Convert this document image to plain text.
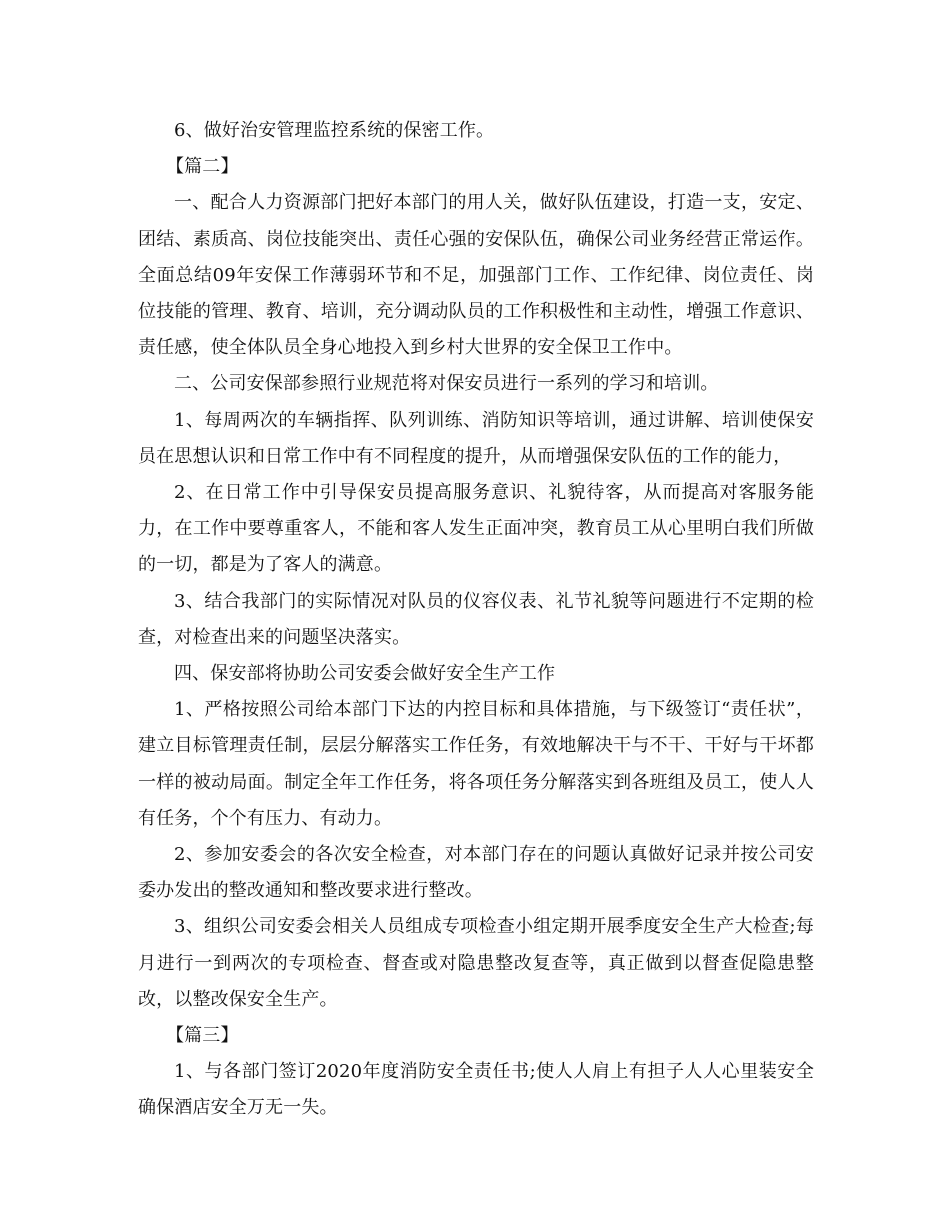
6、做好治安管理监控系统的保密工作。

【篇二】

一、配合人力资源部门把好本部门的用人关，做好队伍建设，打造一支，安定、团结、素质高、岗位技能突出、责任心强的安保队伍，确保公司业务经营正常运作。全面总结09年安保工作薄弱环节和不足，加强部门工作、工作纪律、岗位责任、岗位技能的管理、教育、培训，充分调动队员的工作积极性和主动性，增强工作意识、责任感，使全体队员全身心地投入到乡村大世界的安全保卫工作中。

二、公司安保部参照行业规范将对保安员进行一系列的学习和培训。

1、每周两次的车辆指挥、队列训练、消防知识等培训，通过讲解、培训使保安员在思想认识和日常工作中有不同程度的提升，从而增强保安队伍的工作的能力，

2、在日常工作中引导保安员提高服务意识、礼貌待客，从而提高对客服务能力，在工作中要尊重客人，不能和客人发生正面冲突，教育员工从心里明白我们所做的一切，都是为了客人的满意。

3、结合我部门的实际情况对队员的仪容仪表、礼节礼貌等问题进行不定期的检查，对检查出来的问题坚决落实。

四、保安部将协助公司安委会做好安全生产工作

1、严格按照公司给本部门下达的内控目标和具体措施，与下级签订“责任状”，建立目标管理责任制，层层分解落实工作任务，有效地解决干与不干、干好与干坏都一样的被动局面。制定全年工作任务，将各项任务分解落实到各班组及员工，使人人有任务，个个有压力、有动力。

2、参加安委会的各次安全检查，对本部门存在的问题认真做好记录并按公司安委办发出的整改通知和整改要求进行整改。

3、组织公司安委会相关人员组成专项检查小组定期开展季度安全生产大检查;每月进行一到两次的专项检查、督查或对隐患整改复查等，真正做到以督查促隐患整改，以整改保安全生产。

【篇三】

1、与各部门签订2020年度消防安全责任书;使人人肩上有担子人人心里装安全确保酒店安全万无一失。
